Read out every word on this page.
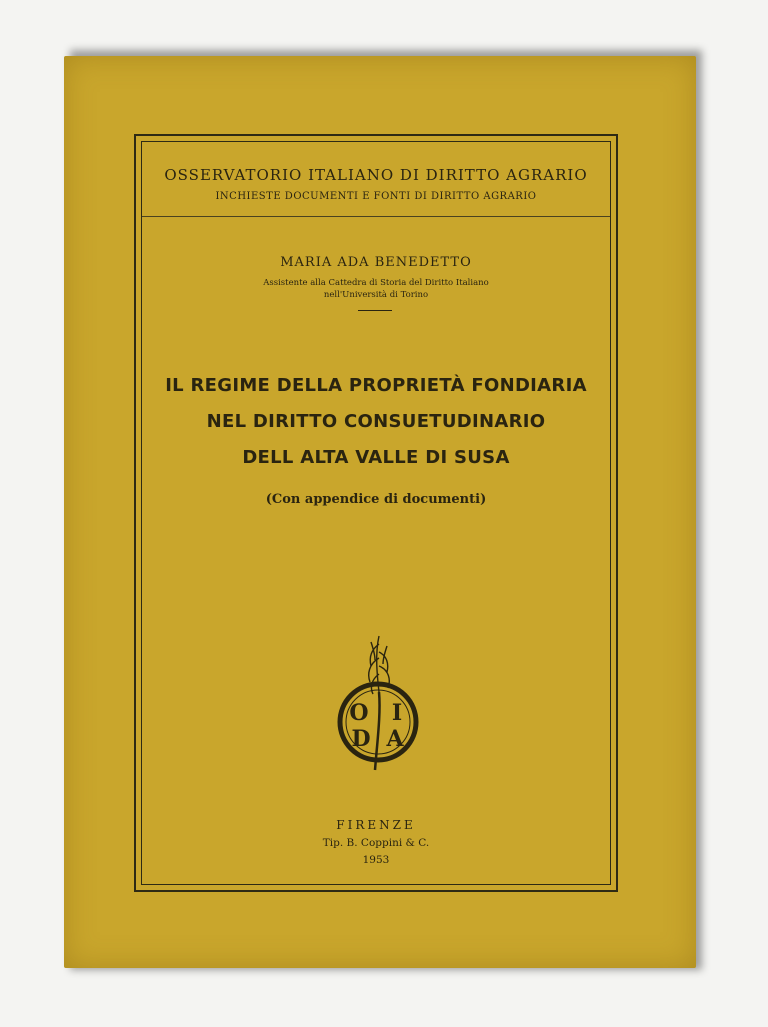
OSSERVATORIO ITALIANO DI DIRITTO AGRARIO
INCHIESTE DOCUMENTI E FONTI DI DIRITTO AGRARIO
MARIA ADA BENEDETTO
Assistente alla Cattedra di Storia del Diritto Italiano
nell'Università di Torino
IL REGIME DELLA PROPRIETÀ FONDIARIA
NEL DIRITTO CONSUETUDINARIO
DELL ALTA VALLE DI SUSA
(Con appendice di documenti)
O I
D A
FIRENZE
Tip. B. Coppini & C.
1953
